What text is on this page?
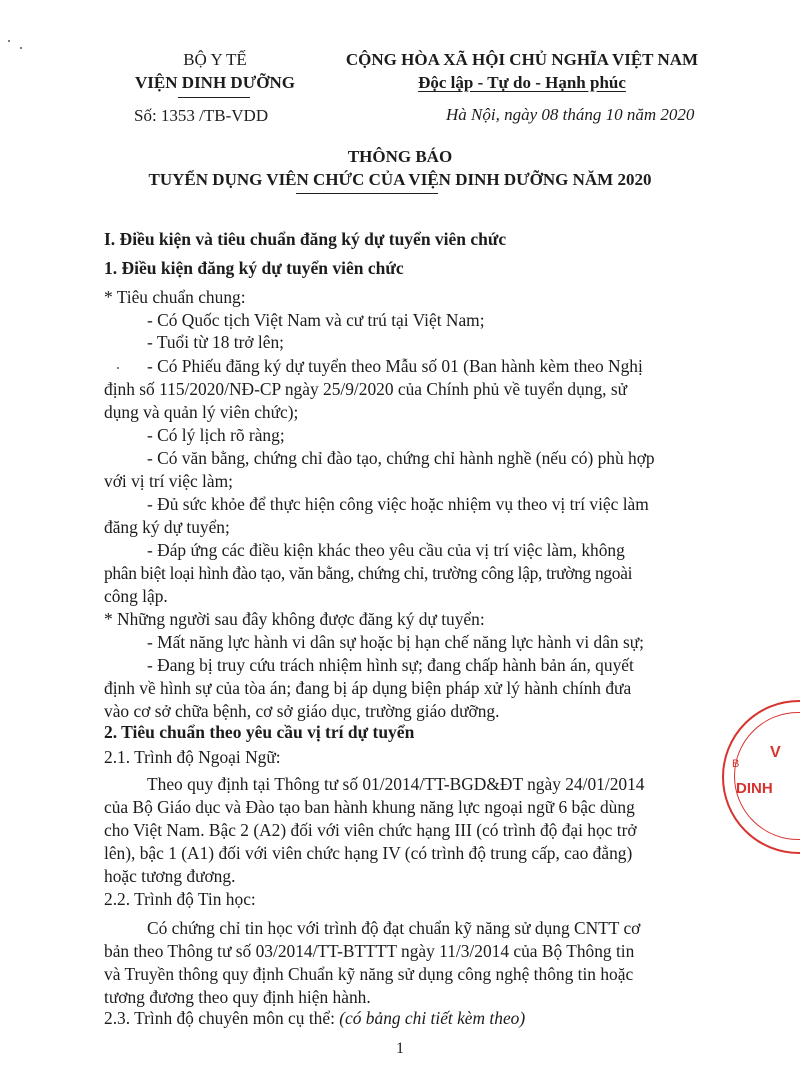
BỘ Y TẾ
VIỆN DINH DƯỠNG
Số: 1353 /TB-VDD
CỘNG HÒA XÃ HỘI CHỦ NGHĨA VIỆT NAM
Độc lập - Tự do - Hạnh phúc
Hà Nội, ngày 08 tháng 10 năm 2020
THÔNG BÁO
TUYỂN DỤNG VIÊN CHỨC CỦA VIỆN DINH DƯỠNG NĂM 2020
I. Điều kiện và tiêu chuẩn đăng ký dự tuyển viên chức
1. Điều kiện đăng ký dự tuyển viên chức
* Tiêu chuẩn chung:
- Có Quốc tịch Việt Nam và cư trú tại Việt Nam;
- Tuổi từ 18 trở lên;
- Có Phiếu đăng ký dự tuyển theo Mẫu số 01 (Ban hành kèm theo Nghị
định số 115/2020/NĐ-CP ngày 25/9/2020 của Chính phủ về tuyển dụng, sử
dụng và quản lý viên chức);
- Có lý lịch rõ ràng;
- Có văn bằng, chứng chỉ đào tạo, chứng chỉ hành nghề (nếu có) phù hợp
với vị trí việc làm;
- Đủ sức khỏe để thực hiện công việc hoặc nhiệm vụ theo vị trí việc làm
đăng ký dự tuyển;
- Đáp ứng các điều kiện khác theo yêu cầu của vị trí việc làm, không
phân biệt loại hình đào tạo, văn bằng, chứng chỉ, trường công lập, trường ngoài
công lập.
* Những người sau đây không được đăng ký dự tuyển:
- Mất năng lực hành vi dân sự hoặc bị hạn chế năng lực hành vi dân sự;
- Đang bị truy cứu trách nhiệm hình sự; đang chấp hành bản án, quyết
định về hình sự của tòa án; đang bị áp dụng biện pháp xử lý hành chính đưa
vào cơ sở chữa bệnh, cơ sở giáo dục, trường giáo dưỡng.
2. Tiêu chuẩn theo yêu cầu vị trí dự tuyển
2.1. Trình độ Ngoại Ngữ:
Theo quy định tại Thông tư số 01/2014/TT-BGD&ĐT ngày 24/01/2014
của Bộ Giáo dục và Đào tạo ban hành khung năng lực ngoại ngữ 6 bậc dùng
cho Việt Nam. Bậc 2 (A2) đối với viên chức hạng III (có trình độ đại học trở
lên), bậc 1 (A1) đối với viên chức hạng IV (có trình độ trung cấp, cao đẳng)
hoặc tương đương.
2.2. Trình độ Tin học:
Có chứng chỉ tin học với trình độ đạt chuẩn kỹ năng sử dụng CNTT cơ
bản theo Thông tư số 03/2014/TT-BTTTT ngày 11/3/2014 của Bộ Thông tin
và Truyền thông quy định Chuẩn kỹ năng sử dụng công nghệ thông tin hoặc
tương đương theo quy định hiện hành.
2.3. Trình độ chuyên môn cụ thể: (có bảng chi tiết kèm theo)
1
V
DINH
B
